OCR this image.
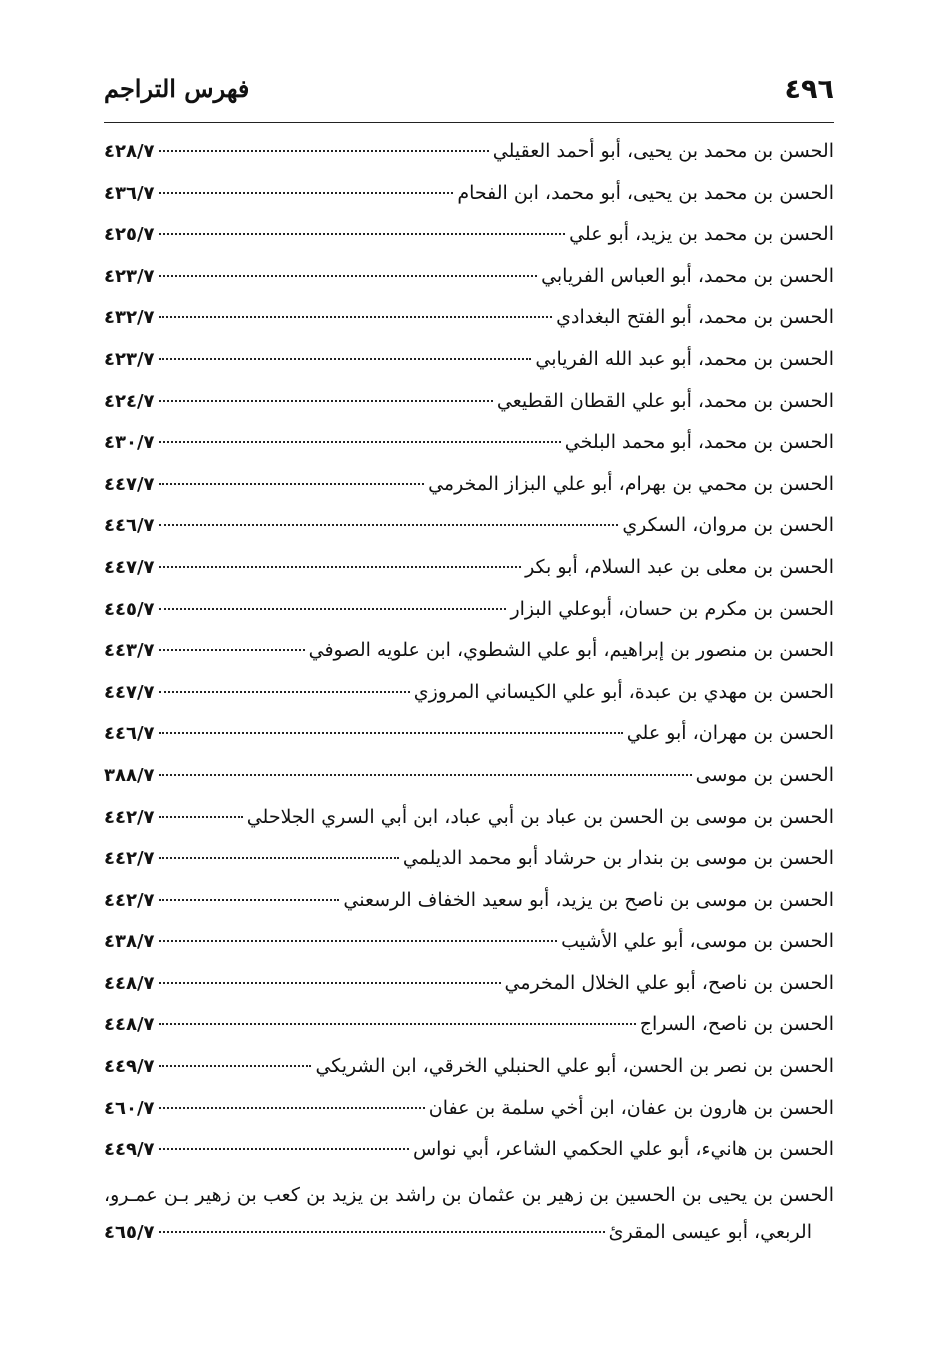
٤٩٦
فهرس التراجم
الحسن بن محمد بن يحيى، أبو أحمد العقيلي
٤٢٨/٧
الحسن بن محمد بن يحيى، أبو محمد، ابن الفحام
٤٣٦/٧
الحسن بن محمد بن يزيد، أبو علي
٤٢٥/٧
الحسن بن محمد، أبو العباس الفريابي
٤٢٣/٧
الحسن بن محمد، أبو الفتح البغدادي
٤٣٢/٧
الحسن بن محمد، أبو عبد الله الفريابي
٤٢٣/٧
الحسن بن محمد، أبو علي القطان القطيعي
٤٢٤/٧
الحسن بن محمد، أبو محمد البلخي
٤٣٠/٧
الحسن بن محمي بن بهرام، أبو علي البزاز المخرمي
٤٤٧/٧
الحسن بن مروان، السكري
٤٤٦/٧
الحسن بن معلى بن عبد السلام، أبو بكر
٤٤٧/٧
الحسن بن مكرم بن حسان، أبوعلي البزار
٤٤٥/٧
الحسن بن منصور بن إبراهيم، أبو علي الشطوي، ابن علويه الصوفي
٤٤٣/٧
الحسن بن مهدي بن عبدة، أبو علي الكيساني المروزي
٤٤٧/٧
الحسن بن مهران، أبو علي
٤٤٦/٧
الحسن بن موسى
٣٨٨/٧
الحسن بن موسى بن الحسن بن عباد بن أبي عباد، ابن أبي السري الجلاحلي
٤٤٢/٧
الحسن بن موسى بن بندار بن حرشاد أبو محمد الديلمي
٤٤٢/٧
الحسن بن موسى بن ناصح بن يزيد، أبو سعيد الخفاف الرسعني
٤٤٢/٧
الحسن بن موسى، أبو علي الأشيب
٤٣٨/٧
الحسن بن ناصح، أبو علي الخلال المخرمي
٤٤٨/٧
الحسن بن ناصح، السراج
٤٤٨/٧
الحسن بن نصر بن الحسن، أبو علي الحنبلي الخرقي، ابن الشريكي
٤٤٩/٧
الحسن بن هارون بن عفان، ابن أخي سلمة بن عفان
٤٦٠/٧
الحسن بن هانيء، أبو علي الحكمي الشاعر، أبي نواس
٤٤٩/٧
الحسن بن يحيى بن الحسين بن زهير بن عثمان بن راشد بن يزيد بن كعب بن زهير بـن عمـرو،
الربعي، أبو عيسى المقرئ
٤٦٥/٧
